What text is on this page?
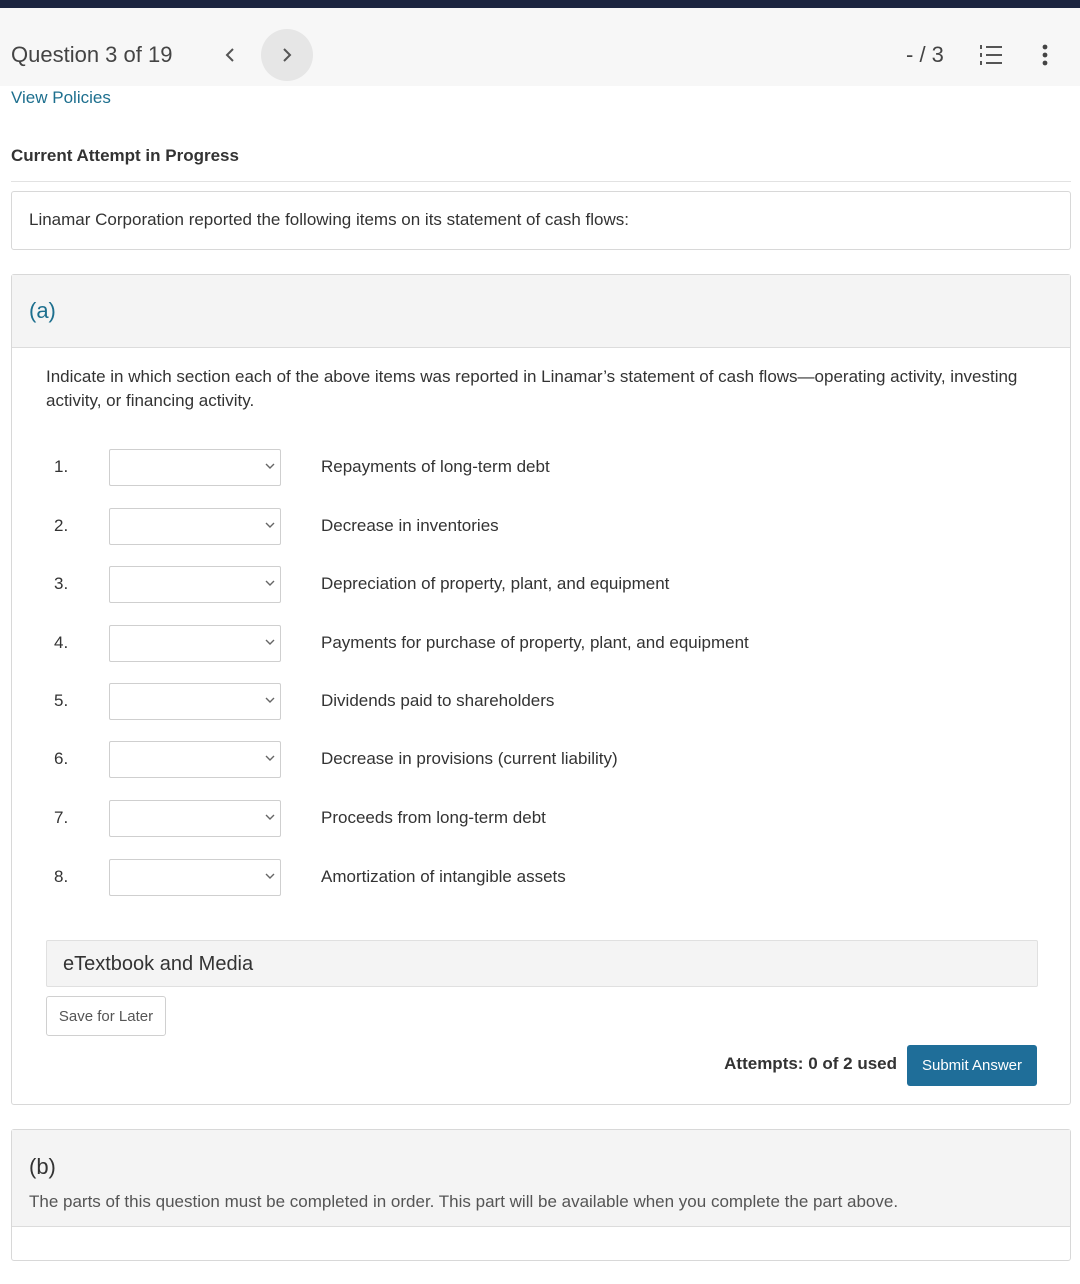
Question 3 of 19	- / 3
View Policies
Current Attempt in Progress
Linamar Corporation reported the following items on its statement of cash flows:
(a)
Indicate in which section each of the above items was reported in Linamar’s statement of cash flows—operating activity, investing activity, or financing activity.
1.	Repayments of long-term debt
2.	Decrease in inventories
3.	Depreciation of property, plant, and equipment
4.	Payments for purchase of property, plant, and equipment
5.	Dividends paid to shareholders
6.	Decrease in provisions (current liability)
7.	Proceeds from long-term debt
8.	Amortization of intangible assets
eTextbook and Media
Save for Later
Attempts: 0 of 2 used	Submit Answer
(b)
The parts of this question must be completed in order. This part will be available when you complete the part above.
